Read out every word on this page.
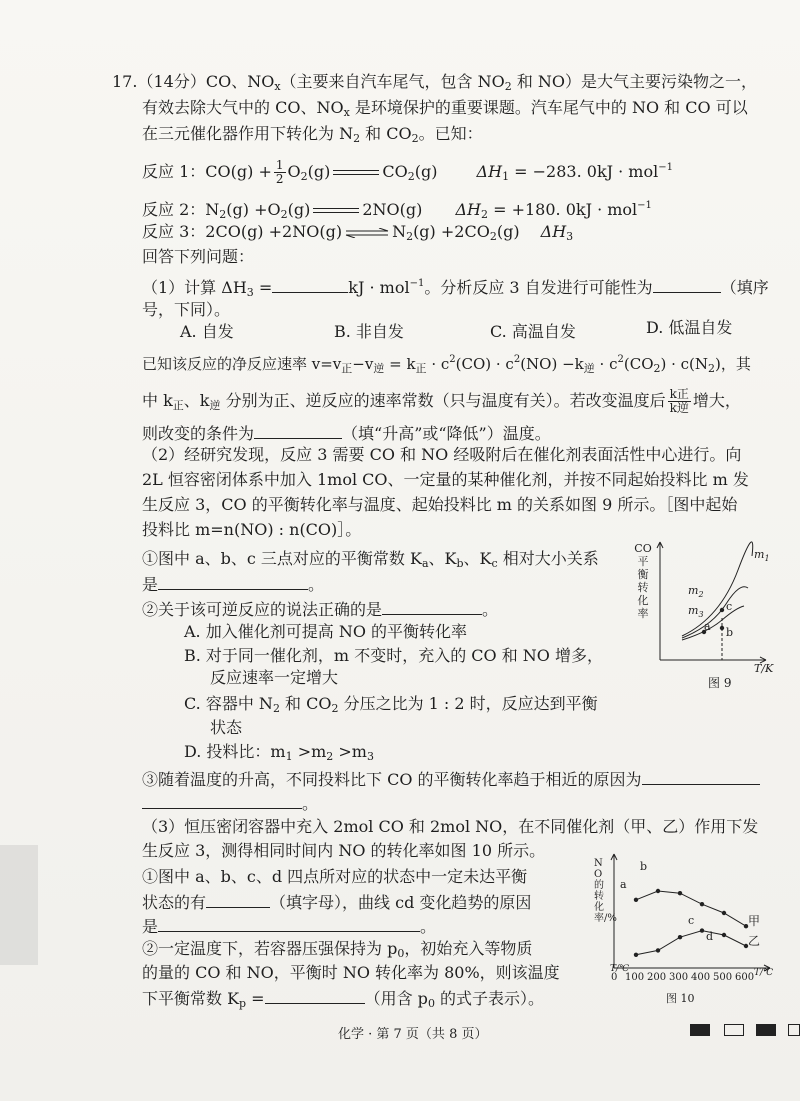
17.（14分）CO、$NO_x$（主要来自汽车尾气，包含 $NO_2$ 和 NO）是大气主要污染物之一，
有效去除大气中的 CO、$NO_x$ 是环境保护的重要课题。汽车尾气中的 NO 和 CO 可以
在三元催化器作用下转化为 $N_2$ 和 $CO_2$。已知：
反应 1：$CO(g) + \frac{1}{2} O_2(g)$	$CO_2(g) \Delta H_1 = -283$. 0kJ · mol$^{-1}$
反应 2：$N_2(g) +O_2(g)$	2NO(g) $\Delta H_2 = +180$. 0kJ · mol$^{-1}$
反应 3：2CO(g) +2NO(g) ⇌ $N_2(g) +2CO_2(g)$ $\Delta H_3$
回答下列问题：
（1）计算 $\Delta H_3$ =	kJ · mol$^{-1}$。分析反应 3 自发进行可能性为	（填序
号，下同）。
A. 自发	B. 非自发	C. 高温自发	D. 低温自发
已知该反应的净反应速率 $v=v_正-v_逆 = k_正 \cdot c^2(CO) \cdot c^2(NO) -k_逆 \cdot c^2(CO_2) \cdot c(N_2)$，其
中 $k_正$、$k_逆$ 分别为正、逆反应的速率常数（只与温度有关）。若改变温度后 $\frac{\text{k正}}{\text{k逆}}$ 增大，
则改变的条件为	（填“升高”或“降低”）温度。
（2）经研究发现，反应 3 需要 CO 和 NO 经吸附后在催化剂表面活性中心进行。向
2L 恒容密闭体系中加入 1mol CO、一定量的某种催化剂，并按不同起始投料比 m 发
生反应 3，CO 的平衡转化率与温度、起始投料比 m 的关系如图 9 所示。［图中起始
投料比 m=n(NO) : n(CO)］。
①图中 a、b、c 三点对应的平衡常数 $K_a$、$K_b$、$K_c$ 相对大小关系
是	。
②关于该可逆反应的说法正确的是	。
A. 加入催化剂可提高 NO 的平衡转化率
B. 对于同一催化剂，m 不变时，充入的 CO 和 NO 增多，
反应速率一定增大
C. 容器中 $N_2$ 和 $CO_2$ 分压之比为 1 : 2 时，反应达到平衡
状态
D. 投料比：$m_1 >m_2 >m_3$
③随着温度的升高，不同投料比下 CO 的平衡转化率趋于相近的原因为
。
CO
平
衡
转
化
率
$m_1$
$m_2$
$m_3$
a b
c
T/K
图 9
（3）恒压密闭容器中充入 2mol CO 和 2mol NO，在不同催化剂（甲、乙）作用下发
生反应 3，测得相同时间内 NO 的转化率如图 10 所示。
①图中 a、b、c、d 四点所对应的状态中一定未达平衡
状态的有	（填字母），曲线 cd 变化趋势的原因
是	。
②一定温度下，若容器压强保持为 $p_0$，初始充入等物质
的量的 CO 和 NO，平衡时 NO 转化率为 80%，则该温度
下平衡常数 $K_p$ =	（用含 $p_0$ 的式子表示）。
NO的转化率/%
T/℃
0 100 200 300 400 500 600 T/℃
图 10
甲
乙
a
b
c
d
化学 · 第 7 页（共 8 页）
